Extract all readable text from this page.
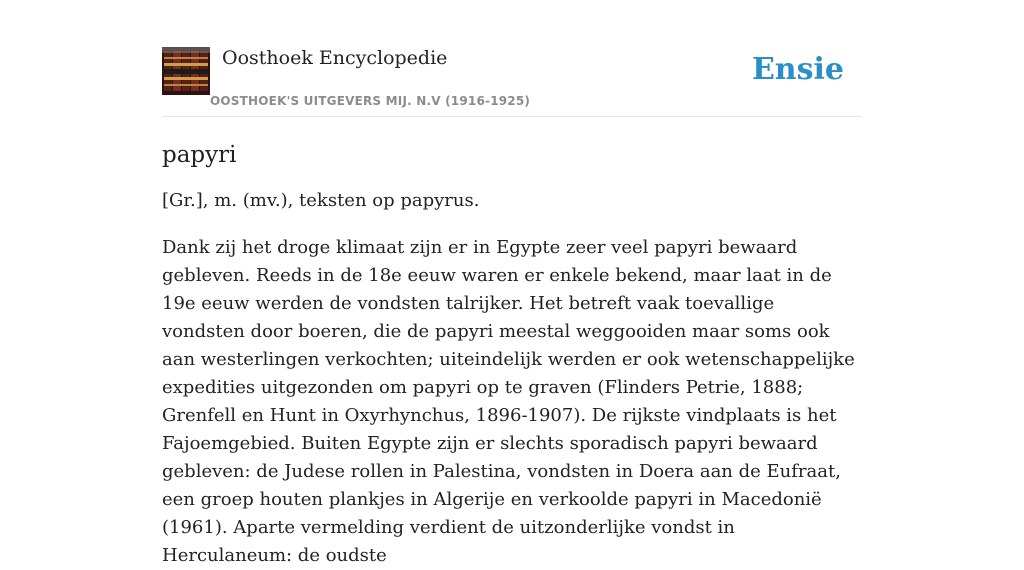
Oosthoek Encyclopedie
OOSTHOEK'S UITGEVERS MIJ. N.V (1916-1925)
Ensie
papyri

[Gr.], m. (mv.), teksten op papyrus.

Dank zij het droge klimaat zijn er in Egypte zeer veel papyri bewaard gebleven. Reeds in de 18e eeuw waren er enkele bekend, maar laat in de 19e eeuw werden de vondsten talrijker. Het betreft vaak toevallige vondsten door boeren, die de papyri meestal weggooiden maar soms ook aan westerlingen verkochten; uiteindelijk werden er ook wetenschappelijke expedities uitgezonden om papyri op te graven (Flinders Petrie, 1888; Grenfell en Hunt in Oxyrhynchus, 1896-1907). De rijkste vindplaats is het Fajoemgebied. Buiten Egypte zijn er slechts sporadisch papyri bewaard gebleven: de Judese rollen in Palestina, vondsten in Doera aan de Eufraat, een groep houten plankjes in Algerije en verkoolde papyri in Macedonië (1961). Aparte vermelding verdient de uitzonderlijke vondst in Herculaneum: de oudste
